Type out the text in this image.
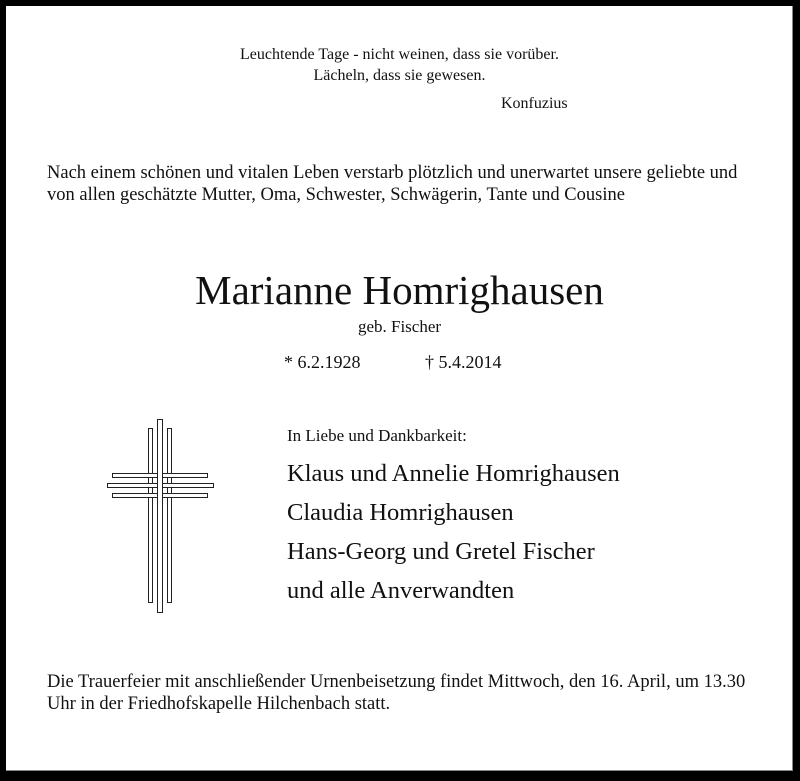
Leuchtende Tage - nicht weinen, dass sie vorüber.
Lächeln, dass sie gewesen.
Konfuzius
Nach einem schönen und vitalen Leben verstarb plötzlich und unerwartet unsere geliebte und von allen geschätzte Mutter, Oma, Schwester, Schwägerin, Tante und Cousine
Marianne Homrighausen
geb. Fischer
* 6.2.1928	† 5.4.2014
In Liebe und Dankbarkeit:
Klaus und Annelie Homrighausen
Claudia Homrighausen
Hans-Georg und Gretel Fischer
und alle Anverwandten
Die Trauerfeier mit anschließender Urnenbeisetzung findet Mittwoch, den 16. April, um 13.30 Uhr in der Friedhofskapelle Hilchenbach statt.
